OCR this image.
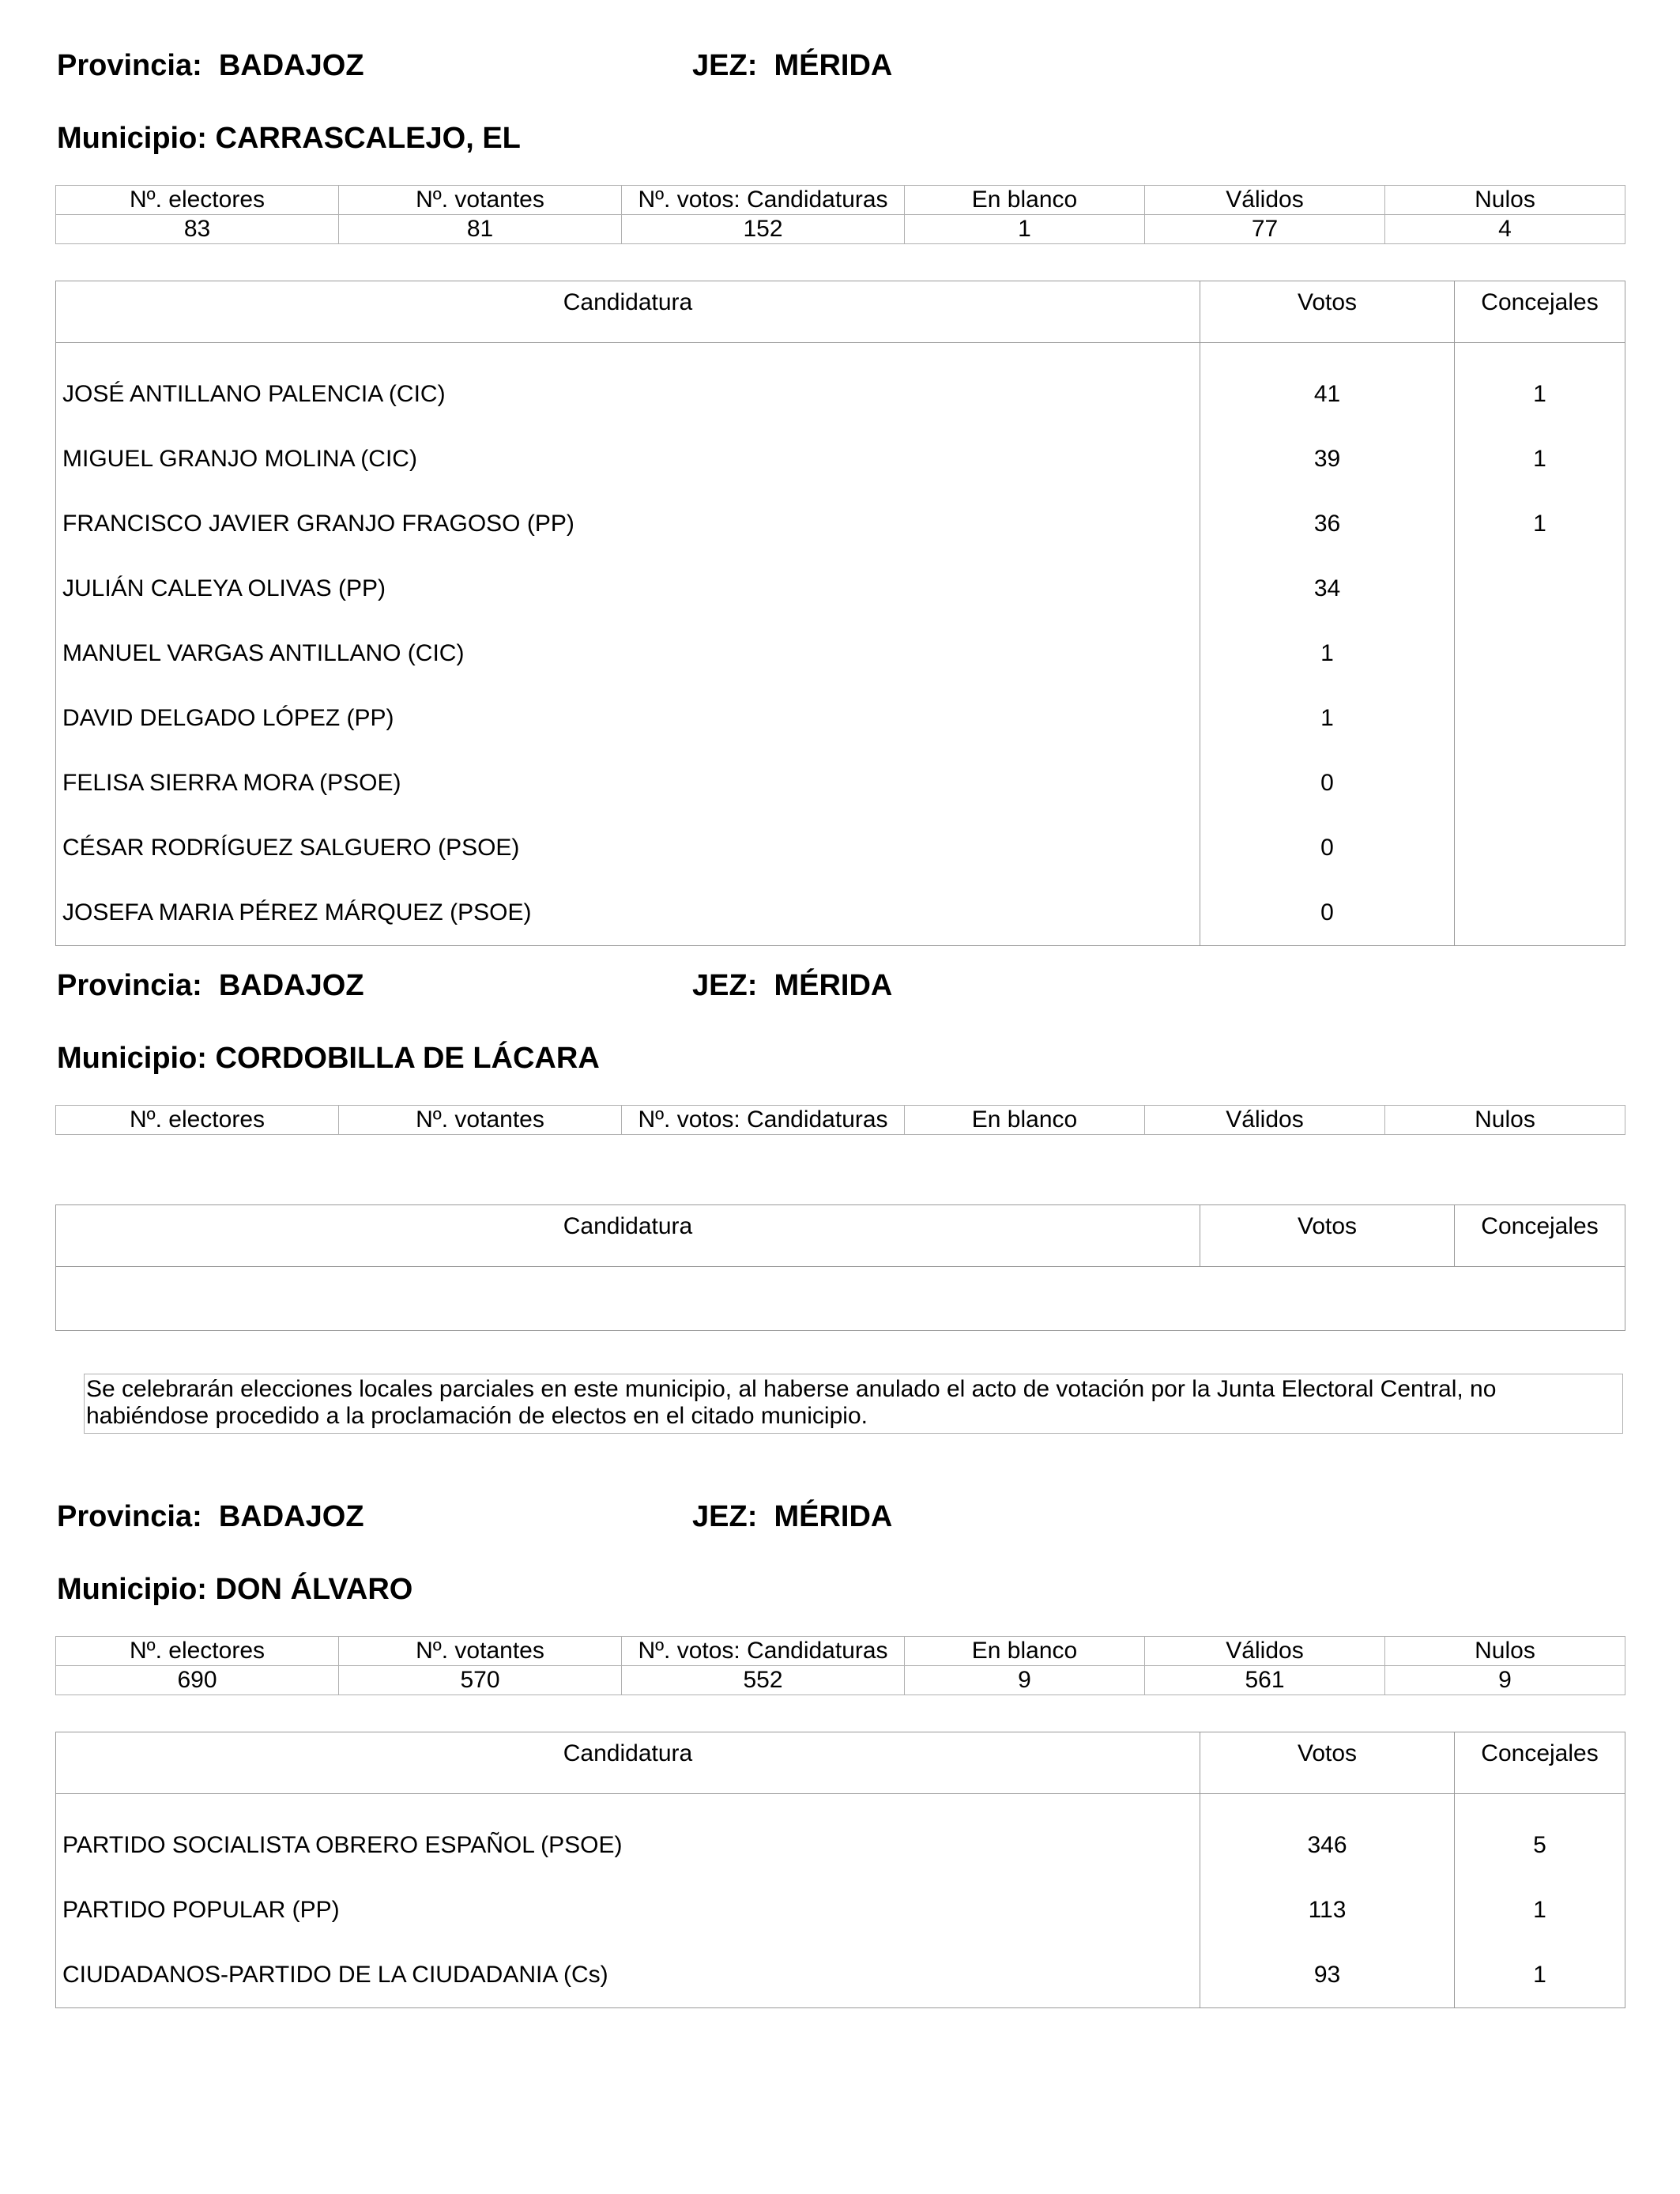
Provincia: BADAJOZ	JEZ: MÉRIDA
Municipio: CARRASCALEJO, EL
Nº. electores	Nº. votantes	Nº. votos: Candidaturas	En blanco	Válidos	Nulos
83	81	152	1	77	4
Candidatura	Votos	Concejales
JOSÉ ANTILLANO PALENCIA (CIC)	41	1
MIGUEL GRANJO MOLINA (CIC)	39	1
FRANCISCO JAVIER GRANJO FRAGOSO (PP)	36	1
JULIÁN CALEYA OLIVAS (PP)	34	
MANUEL VARGAS ANTILLANO (CIC)	1	
DAVID DELGADO LÓPEZ (PP)	1	
FELISA SIERRA MORA (PSOE)	0	
CÉSAR RODRÍGUEZ SALGUERO (PSOE)	0	
JOSEFA MARIA PÉREZ MÁRQUEZ (PSOE)	0	
Provincia: BADAJOZ	JEZ: MÉRIDA
Municipio: CORDOBILLA DE LÁCARA
Nº. electores	Nº. votantes	Nº. votos: Candidaturas	En blanco	Válidos	Nulos
Candidatura	Votos	Concejales

Se celebrarán elecciones locales parciales en este municipio, al haberse anulado el acto de votación por la Junta Electoral Central, no
habiéndose procedido a la proclamación de electos en el citado municipio.
Provincia: BADAJOZ	JEZ: MÉRIDA
Municipio: DON ÁLVARO
Nº. electores	Nº. votantes	Nº. votos: Candidaturas	En blanco	Válidos	Nulos
690	570	552	9	561	9
Candidatura	Votos	Concejales
PARTIDO SOCIALISTA OBRERO ESPAÑOL (PSOE)	346	5
PARTIDO POPULAR (PP)	113	1
CIUDADANOS-PARTIDO DE LA CIUDADANIA (Cs)	93	1
